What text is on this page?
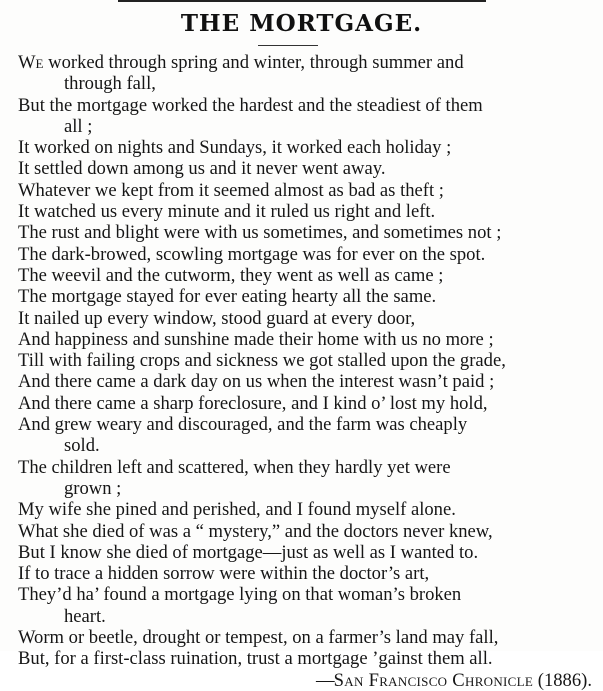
THE MORTGAGE.
We worked through spring and winter, through summer and
through fall,
But the mortgage worked the hardest and the steadiest of them
all ;
It worked on nights and Sundays, it worked each holiday ;
It settled down among us and it never went away.
Whatever we kept from it seemed almost as bad as theft ;
It watched us every minute and it ruled us right and left.
The rust and blight were with us sometimes, and sometimes not ;
The dark-browed, scowling mortgage was for ever on the spot.
The weevil and the cutworm, they went as well as came ;
The mortgage stayed for ever eating hearty all the same.
It nailed up every window, stood guard at every door,
And happiness and sunshine made their home with us no more ;
Till with failing crops and sickness we got stalled upon the grade,
And there came a dark day on us when the interest wasn’t paid ;
And there came a sharp foreclosure, and I kind o’ lost my hold,
And grew weary and discouraged, and the farm was cheaply
sold.
The children left and scattered, when they hardly yet were
grown ;
My wife she pined and perished, and I found myself alone.
What she died of was a “ mystery,” and the doctors never knew,
But I know she died of mortgage—just as well as I wanted to.
If to trace a hidden sorrow were within the doctor’s art,
They’d ha’ found a mortgage lying on that woman’s broken
heart.
Worm or beetle, drought or tempest, on a farmer’s land may fall,
But, for a first-class ruination, trust a mortgage ’gainst them all.
—San Francisco Chronicle (1886).
